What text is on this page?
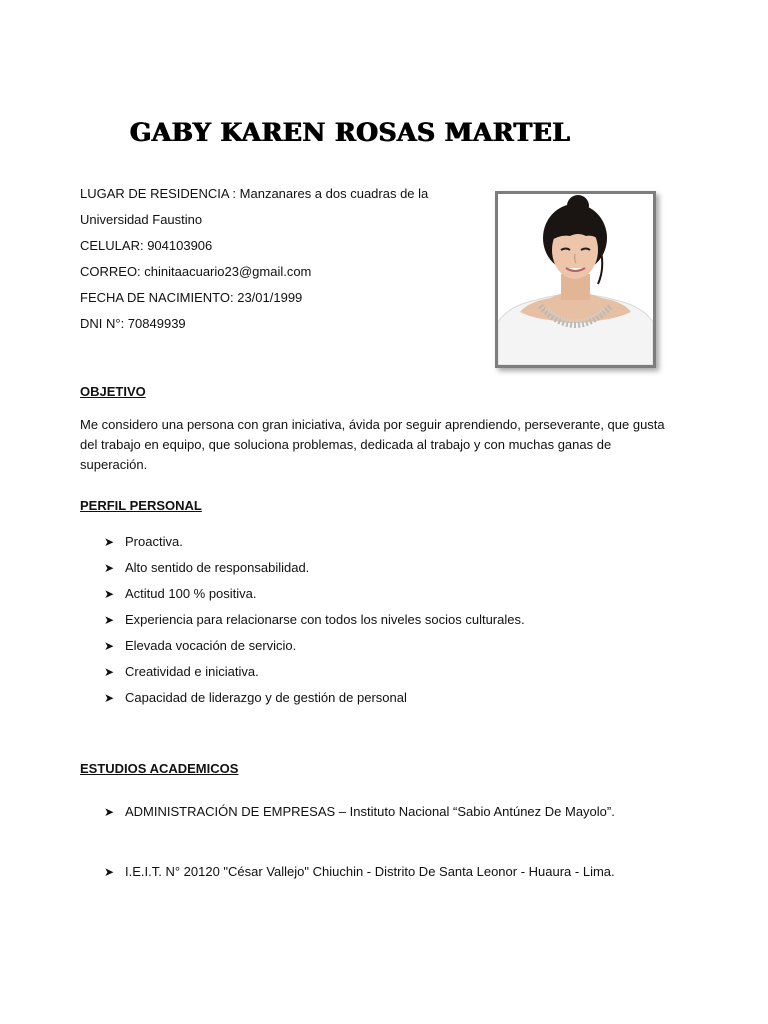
GABY KAREN ROSAS MARTEL
LUGAR DE RESIDENCIA : Manzanares a dos cuadras de la
Universidad Faustino
CELULAR: 904103906
CORREO: chinitaacuario23@gmail.com
FECHA DE NACIMIENTO: 23/01/1999
DNI N°: 70849939
OBJETIVO

Me considero una persona con gran iniciativa, ávida por seguir aprendiendo, perseverante, que gusta del trabajo en equipo, que soluciona problemas, dedicada al trabajo y con muchas ganas de superación.

PERFIL PERSONAL
➤ Proactiva.
➤ Alto sentido de responsabilidad.
➤ Actitud 100 % positiva.
➤ Experiencia para relacionarse con todos los niveles socios culturales.
➤ Elevada vocación de servicio.
➤ Creatividad e iniciativa.
➤ Capacidad de liderazgo y de gestión de personal
ESTUDIOS ACADEMICOS
➤ ADMINISTRACIÓN DE EMPRESAS – Instituto Nacional “Sabio Antúnez De Mayolo”.
➤ I.E.I.T. N° 20120 "César Vallejo" Chiuchin - Distrito De Santa Leonor - Huaura - Lima.
